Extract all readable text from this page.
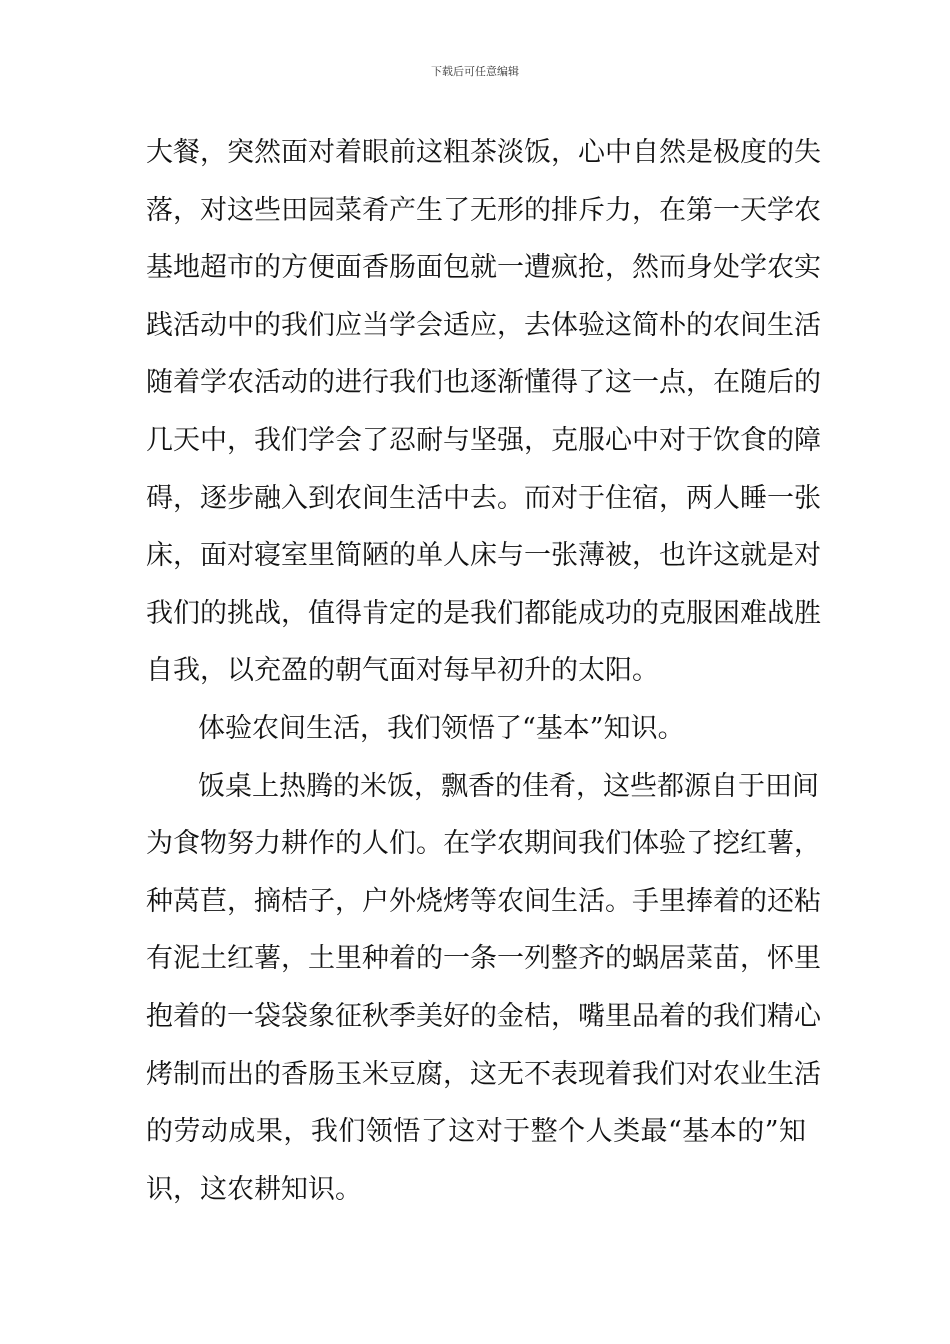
下载后可任意编辑
大餐，突然面对着眼前这粗茶淡饭，心中自然是极度的失
落，对这些田园菜肴产生了无形的排斥力，在第一天学农
基地超市的方便面香肠面包就一遭疯抢，然而身处学农实
践活动中的我们应当学会适应，去体验这简朴的农间生活
随着学农活动的进行我们也逐渐懂得了这一点，在随后的
几天中，我们学会了忍耐与坚强，克服心中对于饮食的障
碍，逐步融入到农间生活中去。而对于住宿，两人睡一张
床，面对寝室里简陋的单人床与一张薄被，也许这就是对
我们的挑战，值得肯定的是我们都能成功的克服困难战胜
自我，以充盈的朝气面对每早初升的太阳。
体验农间生活，我们领悟了“基本”知识。
饭桌上热腾的米饭，飘香的佳肴，这些都源自于田间
为食物努力耕作的人们。在学农期间我们体验了挖红薯，
种莴苣，摘桔子，户外烧烤等农间生活。手里捧着的还粘
有泥土红薯，土里种着的一条一列整齐的蜗居菜苗，怀里
抱着的一袋袋象征秋季美好的金桔，嘴里品着的我们精心
烤制而出的香肠玉米豆腐，这无不表现着我们对农业生活
的劳动成果，我们领悟了这对于整个人类最“基本的”知
识，这农耕知识。
